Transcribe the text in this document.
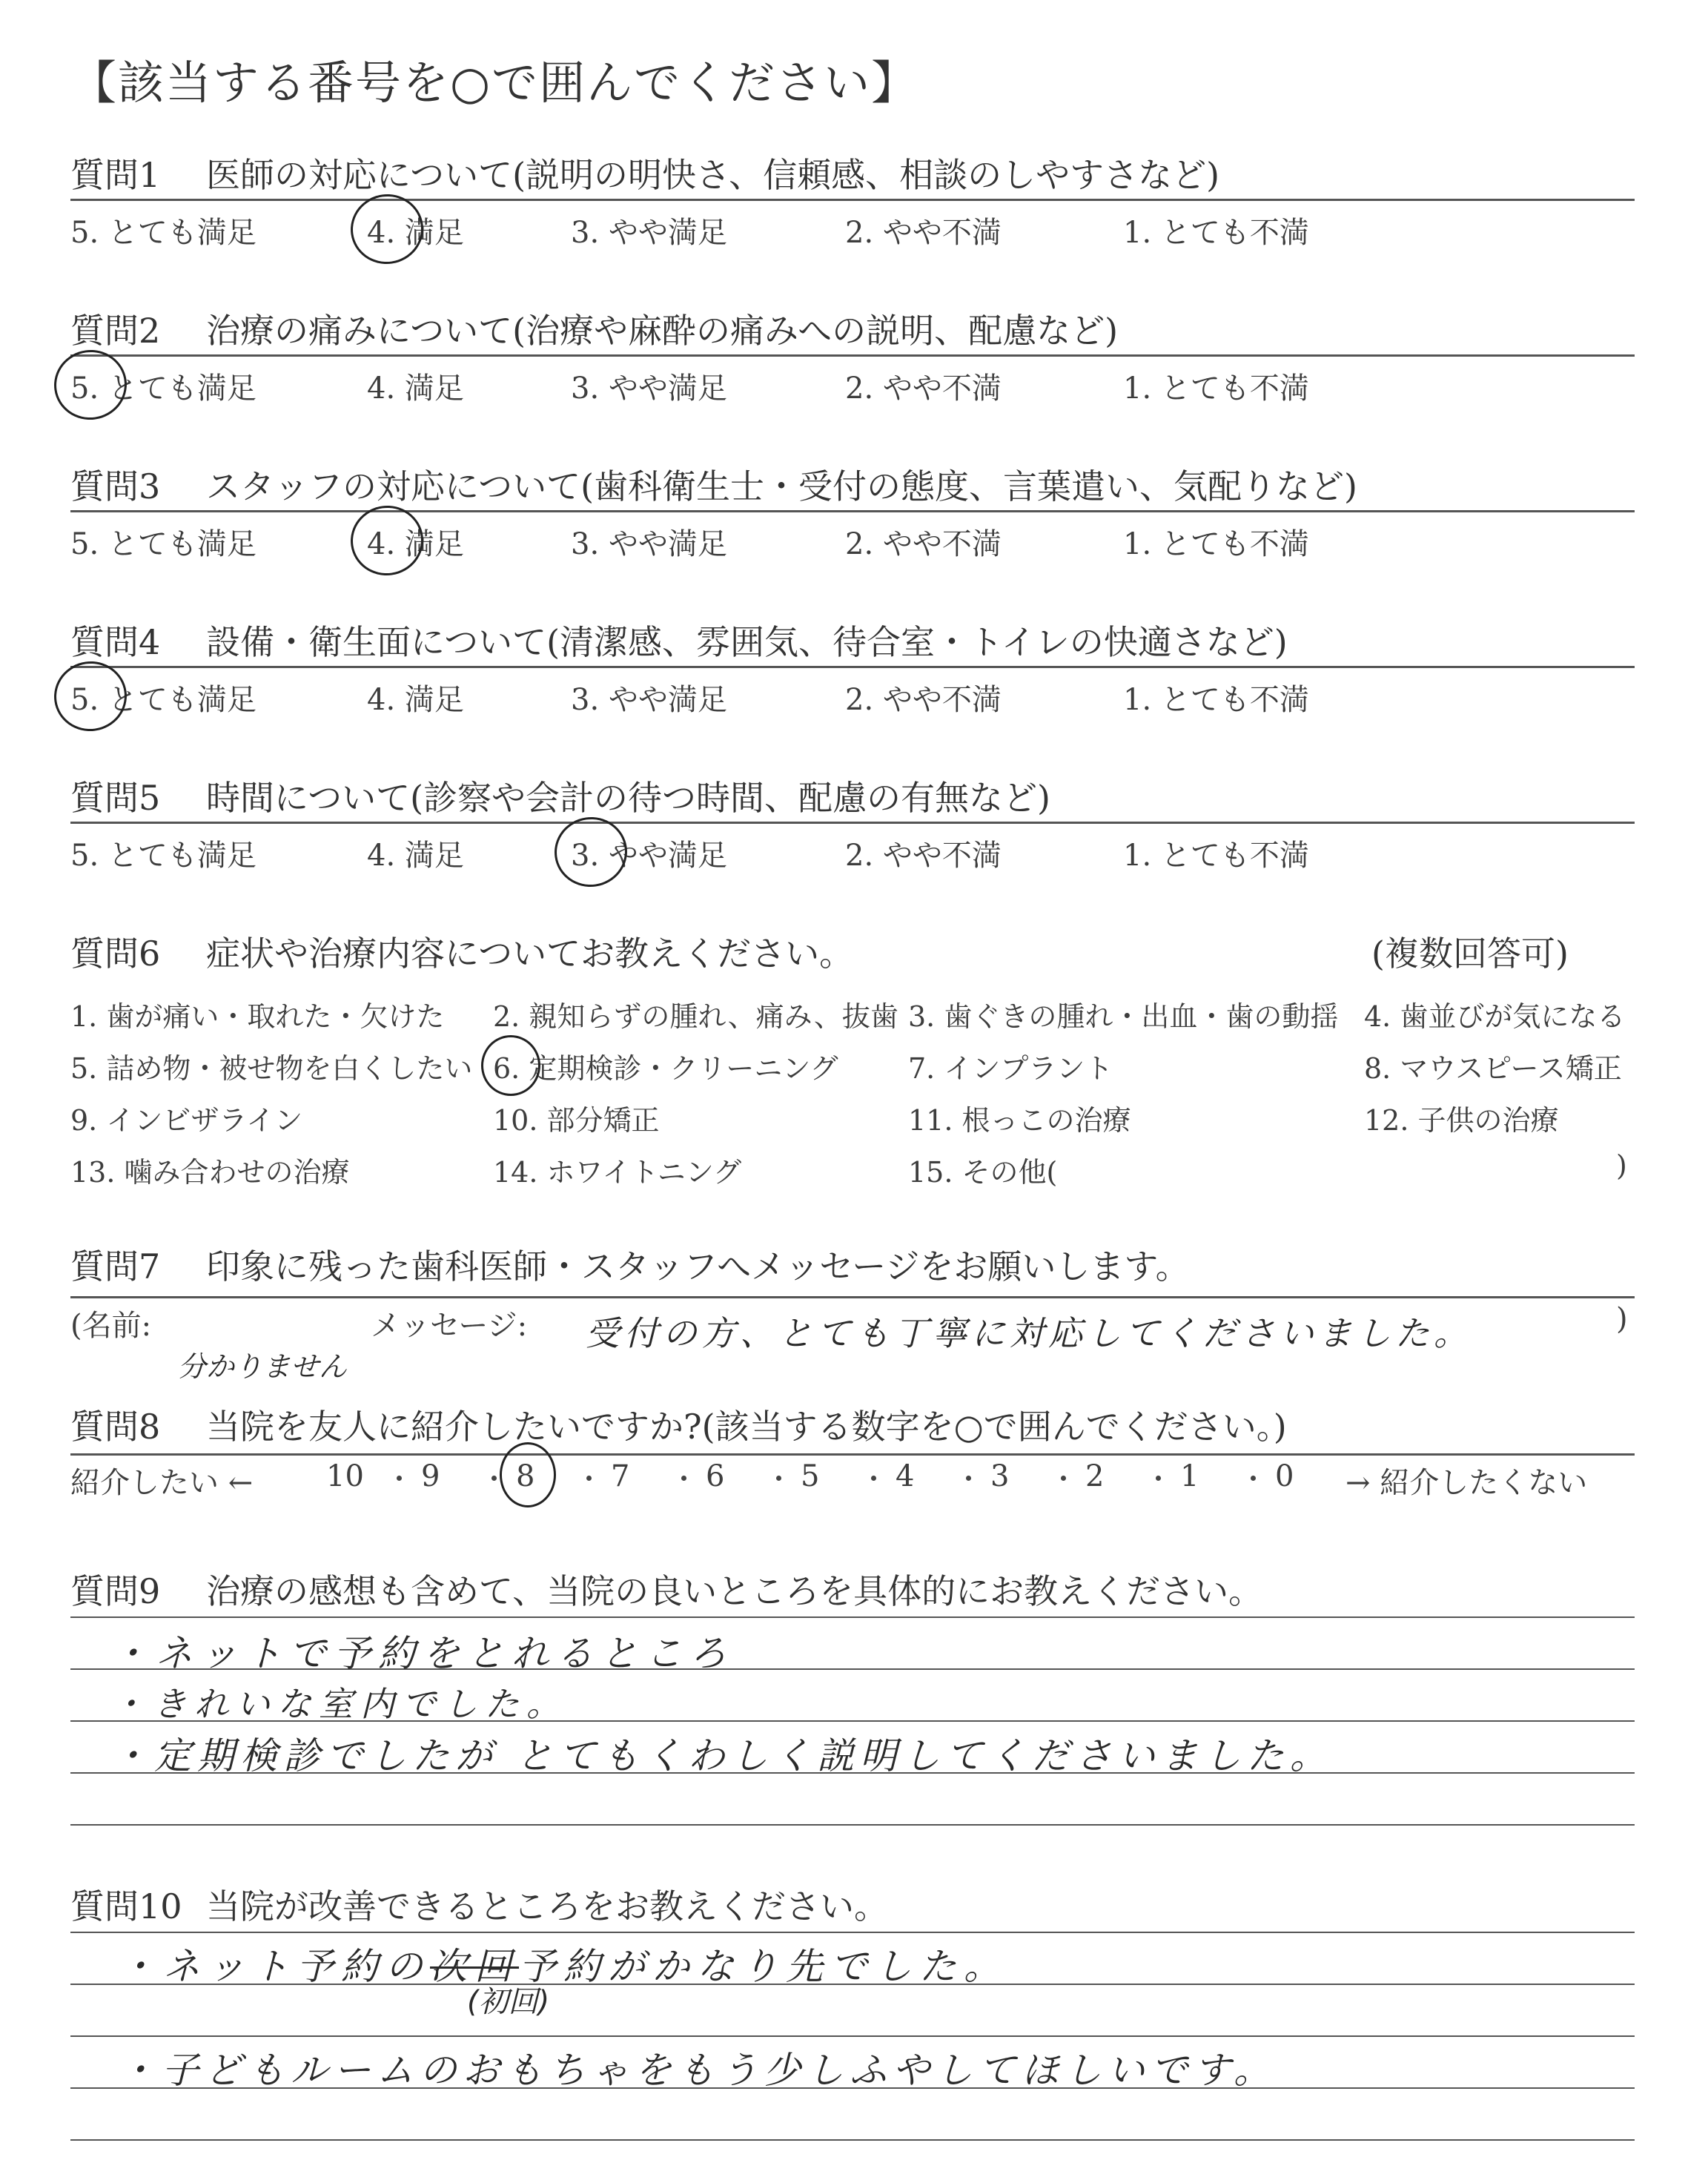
【該当する番号を○で囲んでください】
質問1 医師の対応について(説明の明快さ、信頼感、相談のしやすさなど)
5. とても満足	4. 満足	3. やや満足	2. やや不満	1. とても不満
質問2 治療の痛みについて(治療や麻酔の痛みへの説明、配慮など)
5. とても満足	4. 満足	3. やや満足	2. やや不満	1. とても不満
質問3 スタッフの対応について(歯科衛生士・受付の態度、言葉遣い、気配りなど)
5. とても満足	4. 満足	3. やや満足	2. やや不満	1. とても不満
質問4 設備・衛生面について(清潔感、雰囲気、待合室・トイレの快適さなど)
5. とても満足	4. 満足	3. やや満足	2. やや不満	1. とても不満
質問5 時間について(診察や会計の待つ時間、配慮の有無など)
5. とても満足	4. 満足	3. やや満足	2. やや不満	1. とても不満
質問6 症状や治療内容についてお教えください。	(複数回答可)
1. 歯が痛い・取れた・欠けた 2. 親知らずの腫れ、痛み、抜歯 3. 歯ぐきの腫れ・出血・歯の動揺 4. 歯並びが気になる
5. 詰め物・被せ物を白くしたい 6. 定期検診・クリーニング 7. インプラント	8. マウスピース矯正
9. インビザライン	10. 部分矯正	11. 根っこの治療	12. 子供の治療
13. 噛み合わせの治療	14. ホワイトニング	15. その他(	)
質問7 印象に残った歯科医師・スタッフへメッセージをお願いします。
(名前:	メッセージ:	)
分かりません
受付の方、とても丁寧に対応してくださいました。
質問8 当院を友人に紹介したいですか?(該当する数字を○で囲んでください。)
紹介したい ←	→ 紹介したくない
10 9	8	7	6	5	4	3	2	1	0
質問9 治療の感想も含めて、当院の良いところを具体的にお教えください。
・ネットで予約をとれるところ
・きれいな室内でした。
・定期検診でしたが とてもくわしく説明してくださいました。
質問10 当院が改善できるところをお教えください。
・ネット予約の次回予約がかなり先でした。
(初回)
・子どもルームのおもちゃをもう少しふやしてほしいです。
